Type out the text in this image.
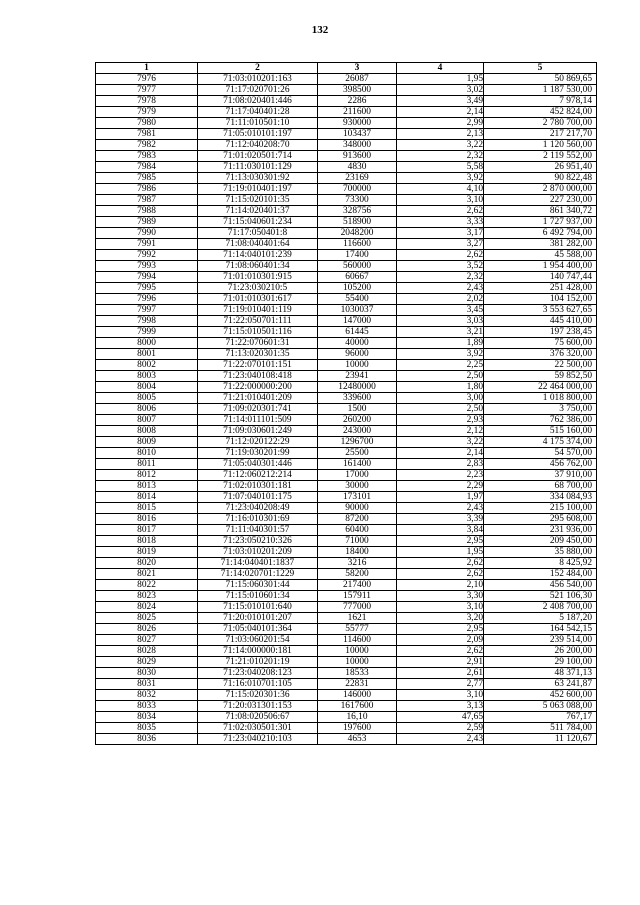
132
1	2	3	4	5
7976	71:03:010201:163	26087	1,95	50 869,65
7977	71:17:020701:26	398500	3,02	1 187 530,00
7978	71:08:020401:446	2286	3,49	7 978,14
7979	71:17:040401:28	211600	2,14	452 824,00
7980	71:11:010501:10	930000	2,99	2 780 700,00
7981	71:05:010101:197	103437	2,13	217 217,70
7982	71:12:040208:70	348000	3,22	1 120 560,00
7983	71:01:020501:714	913600	2,32	2 119 552,00
7984	71:11:030101:129	4830	5,58	26 951,40
7985	71:13:030301:92	23169	3,92	90 822,48
7986	71:19:010401:197	700000	4,10	2 870 000,00
7987	71:15:020101:35	73300	3,10	227 230,00
7988	71:14:020401:37	328756	2,62	861 340,72
7989	71:15:040601:234	518900	3,33	1 727 937,00
7990	71:17:050401:8	2048200	3,17	6 492 794,00
7991	71:08:040401:64	116600	3,27	381 282,00
7992	71:14:040101:239	17400	2,62	45 588,00
7993	71:08:060401:34	560000	3,52	1 954 400,00
7994	71:01:010301:915	60667	2,32	140 747,44
7995	71:23:030210:5	105200	2,43	251 428,00
7996	71:01:010301:617	55400	2,02	104 152,00
7997	71:19:010401:119	1030037	3,45	3 553 627,65
7998	71:22:050701:111	147000	3,03	445 410,00
7999	71:15:010501:116	61445	3,21	197 238,45
8000	71:22:070601:31	40000	1,89	75 600,00
8001	71:13:020301:35	96000	3,92	376 320,00
8002	71:22:070101:151	10000	2,25	22 500,00
8003	71:23:040108:418	23941	2,50	59 852,50
8004	71:22:000000:200	12480000	1,80	22 464 000,00
8005	71:21:010401:209	339600	3,00	1 018 800,00
8006	71:09:020301:741	1500	2,50	3 750,00
8007	71:14:011101:509	260200	2,93	762 386,00
8008	71:09:030601:249	243000	2,12	515 160,00
8009	71:12:020122:29	1296700	3,22	4 175 374,00
8010	71:19:030201:99	25500	2,14	54 570,00
8011	71:05:040301:446	161400	2,83	456 762,00
8012	71:12:060212:214	17000	2,23	37 910,00
8013	71:02:010301:181	30000	2,29	68 700,00
8014	71:07:040101:175	173101	1,97	334 084,93
8015	71:23:040208:49	90000	2,43	215 100,00
8016	71:16:010301:69	87200	3,39	295 608,00
8017	71:11:040301:57	60400	3,84	231 936,00
8018	71:23:050210:326	71000	2,95	209 450,00
8019	71:03:010201:209	18400	1,95	35 880,00
8020	71:14:040401:1837	3216	2,62	8 425,92
8021	71:14:020701:1229	58200	2,62	152 484,00
8022	71:15:060301:44	217400	2,10	456 540,00
8023	71:15:010601:34	157911	3,30	521 106,30
8024	71:15:010101:640	777000	3,10	2 408 700,00
8025	71:20:010101:207	1621	3,20	5 187,20
8026	71:05:040101:364	55777	2,95	164 542,15
8027	71:03:060201:54	114600	2,09	239 514,00
8028	71:14:000000:181	10000	2,62	26 200,00
8029	71:21:010201:19	10000	2,91	29 100,00
8030	71:23:040208:123	18533	2,61	48 371,13
8031	71:16:010701:105	22831	2,77	63 241,87
8032	71:15:020301:36	146000	3,10	452 600,00
8033	71:20:031301:153	1617600	3,13	5 063 088,00
8034	71:08:020506:67	16,10	47,65	767,17
8035	71:02:030501:301	197600	2,59	511 784,00
8036	71:23:040210:103	4653	2,43	11 120,67
